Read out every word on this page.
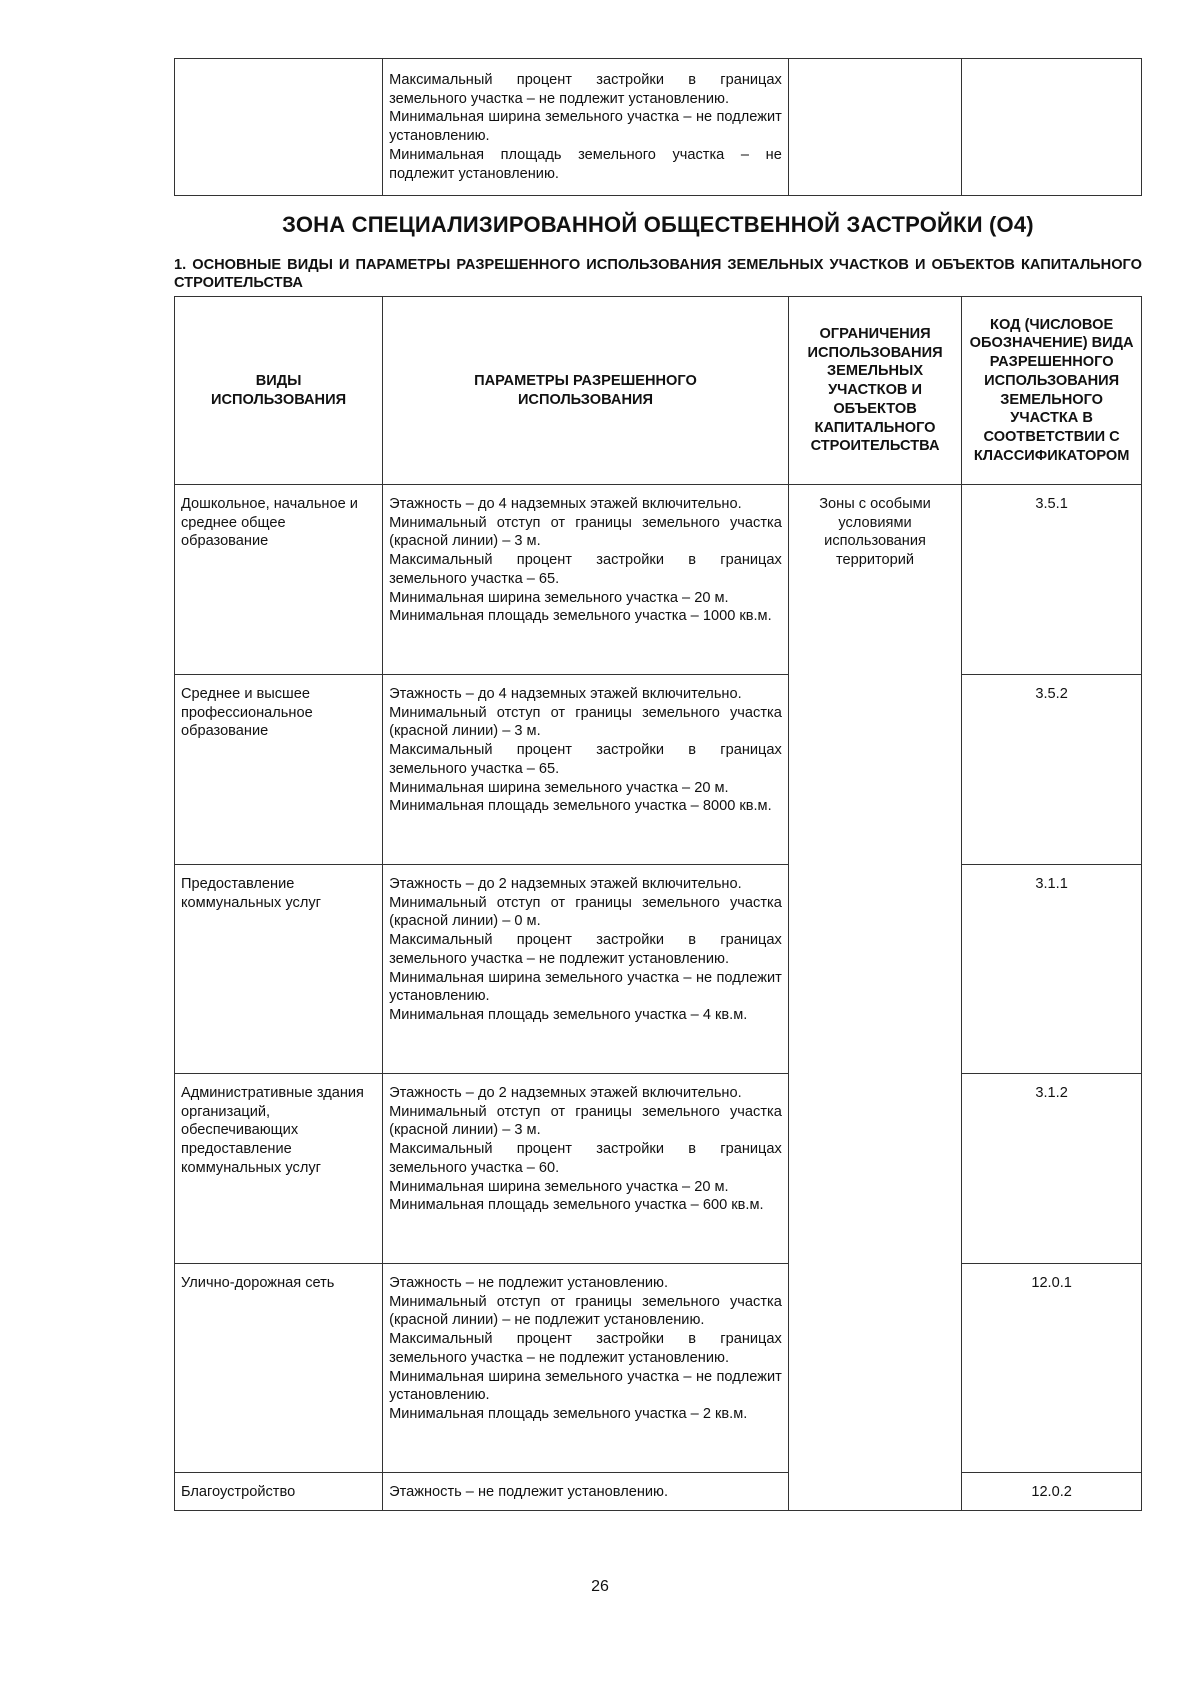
Максимальный процент застройки в границах земельного участка – не подлежит установлению.
Минимальная ширина земельного участка – не подлежит установлению.
Минимальная площадь земельного участка – не подлежит установлению.

ЗОНА СПЕЦИАЛИЗИРОВАННОЙ ОБЩЕСТВЕННОЙ ЗАСТРОЙКИ (О4)
1. ОСНОВНЫЕ ВИДЫ И ПАРАМЕТРЫ РАЗРЕШЕННОГО ИСПОЛЬЗОВАНИЯ ЗЕМЕЛЬНЫХ УЧАСТКОВ И ОБЪЕКТОВ КАПИТАЛЬНОГО СТРОИТЕЛЬСТВА
ВИДЫ ИСПОЛЬЗОВАНИЯ	ПАРАМЕТРЫ РАЗРЕШЕННОГО ИСПОЛЬЗОВАНИЯ	ОГРАНИЧЕНИЯ ИСПОЛЬЗОВАНИЯ ЗЕМЕЛЬНЫХ УЧАСТКОВ И ОБЪЕКТОВ КАПИТАЛЬНОГО СТРОИТЕЛЬСТВА	КОД (ЧИСЛОВОЕ ОБОЗНАЧЕНИЕ) ВИДА РАЗРЕШЕННОГО ИСПОЛЬЗОВАНИЯ ЗЕМЕЛЬНОГО УЧАСТКА В СООТВЕТСТВИИ С КЛАССИФИКАТОРОМ
Дошкольное, начальное и среднее общее образование	Этажность – до 4 надземных этажей включительно.
Минимальный отступ от границы земельного участка (красной линии) – 3 м.
Максимальный процент застройки в границах земельного участка – 65.
Минимальная ширина земельного участка – 20 м.
Минимальная площадь земельного участка – 1000 кв.м.	Зоны с особыми условиями использования территорий	3.5.1
Среднее и высшее профессиональное образование	Этажность – до 4 надземных этажей включительно.
Минимальный отступ от границы земельного участка (красной линии) – 3 м.
Максимальный процент застройки в границах земельного участка – 65.
Минимальная ширина земельного участка – 20 м.
Минимальная площадь земельного участка – 8000 кв.м.		3.5.2
Предоставление коммунальных услуг	Этажность – до 2 надземных этажей включительно.
Минимальный отступ от границы земельного участка (красной линии) – 0 м.
Максимальный процент застройки в границах земельного участка – не подлежит установлению.
Минимальная ширина земельного участка – не подлежит установлению.
Минимальная площадь земельного участка – 4 кв.м.		3.1.1
Административные здания организаций, обеспечивающих предоставление коммунальных услуг	Этажность – до 2 надземных этажей включительно.
Минимальный отступ от границы земельного участка (красной линии) – 3 м.
Максимальный процент застройки в границах земельного участка – 60.
Минимальная ширина земельного участка – 20 м.
Минимальная площадь земельного участка – 600 кв.м.		3.1.2
Улично-дорожная сеть	Этажность – не подлежит установлению.
Минимальный отступ от границы земельного участка (красной линии) – не подлежит установлению.
Максимальный процент застройки в границах земельного участка – не подлежит установлению.
Минимальная ширина земельного участка – не подлежит установлению.
Минимальная площадь земельного участка – 2 кв.м.		12.0.1
Благоустройство	Этажность – не подлежит установлению.		12.0.2
26
